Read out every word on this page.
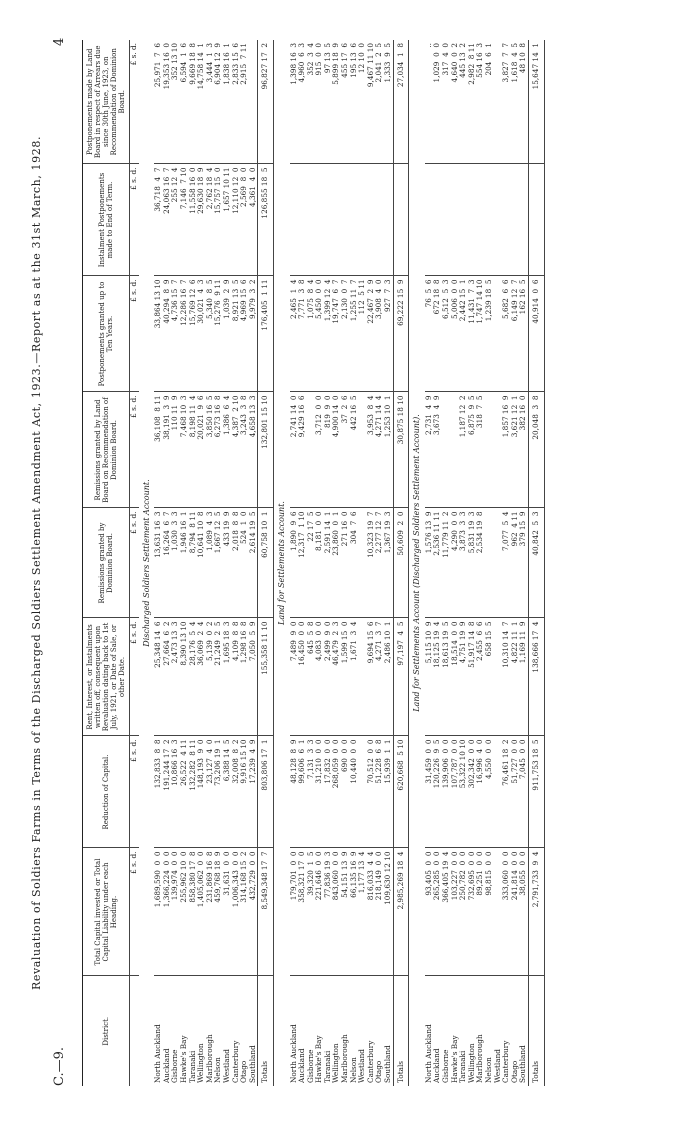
C.—9.
4
Revaluation of Soldiers Farms in Terms of the Discharged Soldiers Settlement Amendment Act, 1923.—Report as at the 31st March, 1928.
District.	Total Capital invested or Total Capital Liability under each Heading.	Reduction of Capital.	Rent, Interest, or Instalments written off, consequent upon Revaluation dating back to 1st July, 1921, or Date of Sale, or other Date.	Remissions granted by Dominion Board.	Remissions granted by Land Board on Recommendation of Dominion Board.	Postponements granted up to Ten Years.	Instalment Postponements made to End of Term.	Postponements made by Land Board in respect of Arrears due since 30th June, 1923, on Recommendation of Dominion Board.
	£ s. d.	£ s. d.	£ s. d.	£ s. d.	£ s. d.	£ s. d.	£ s. d.	£ s. d.
Discharged Soldiers Settlement Account.								
North Auckland	1,689,590  0  0	132,833  8  8	25,348 14  6	13,631 16  3	36,108  8 11	33,864 13 10	36,718  4  7	25,971  7  6
Auckland	1,366,224  0  0	191,244 17  2	27,664  6  2	16,264  6  7	38,191  3  9	40,294  8  9	24,063 16  7	19,353 16  0
Gisborne	139,974  0  0	10,866 16  3	2,473 13  3	1,030  3  3	110 11  9	4,736 15  7	255 12  4	352 13 10
Hawke's Bay	255,962 10  0	26,522  4 11	8,390 13 10	1,946 16  1	7,468 10  3	12,286 16  7	7,146  7 10	6,594  1  6
Taranaki	858,380 17  8	132,282  8 11	28,176  5  4	8,794  8 11	8,198 11  4	15,769 12  6	11,558 16  0	9,669 18  8
Wellington	1,405,062  0  0	148,193  9  0	36,069  2  4	10,641 10  8	20,021  9  6	30,021  4  3	29,630 18  9	14,758 14  1
Marlborough	231,869 16  8	23,127  4  0	5,139  0  2	1,089  4  3	3,850 16  5	5,340  8  5	2,762 18  4	3,444  1  3
Nelson	459,768 18  9	73,206 19  1	21,249  2  5	1,667 12  5	6,273 16  8	15,276  9 11	15,757 15  0	6,904 12  9
Westland	31,631  0  0	6,388 14  5	1,695 18  3	433 19  9	1,386  6  4	1,039  2  9	1,657 10 11	1,838 16  1
Canterbury	1,006,343  0  0	32,008  8  2	4,109  8  8	2,018  8  8	4,387  2 10	8,921 13  5	12,110 12  0	2,833 15  6
Otago	314,168 15  2	9,916 15 10	1,298 16  8	524  1  0	3,243  3  8	4,969 15  6	2,569  8  0	2,915  7 11
Southland	432,729  0  0	17,239  4  9	7,050  5  9	2,614 19  5	4,658 13  3	9,979  3  2	4,361  4  0	
Totals	8,549,348 17  7	803,806 17  1	155,358 11 10	60,758 10  1	132,801 15 10	176,405  1 11	126,855 18  5	96,827 17  2
Land for Settlements Account.								
North Auckland	179,701  0  0	48,128  8  9	7,489  9  0	1,890  9  6	2,741 14  0	2,465  1  4		1,398 16  3
Auckland	358,321 17  0	99,606  6  1	16,450  0  0	12,317  1 10	9,429 16  6	7,771  3  8		4,960  6  3
Gisborne	39,320  1  5	7,131  3  3	645  5  8	22 17  5		1,075  8  4		352  3  4
Hawke's Bay	221,646  0  0	31,210  0  0	4,083  0  0	8,181  0  0	3,712  0  0	5,450  0  0		915  0  0
Taranaki	77,836 19  3	17,832  0  0	2,499  9  0	2,591 14  1	819  9  0	1,399 12  4		97 13  5
Wellington	843,060  0  0	268,059  0  0	46,479  2  3	23,860  0  1	4,900 14  0	19,747  6  7		5,899 18  9
Marlborough	54,151 13  9	690  0  0	1,599 15  0	271 16  0	37  2  6	2,130  0  7		455 17  6
Nelson	66,135 16  9	10,440  0  0	1,671  3  4	304  7  6	442 16  5	1,255 11  7		195 13  6
Westland	1,177 13  4					112  5 11		12 10  0
Canterbury	816,033  4  4	70,512  0  0	9,694 15  6	10,323 19  7	3,953  8  4	22,467  2  9		9,467 11 10
Otago	218,149  0  0	51,228  6  8	4,271  3  7	2,277 12  7	4,271 14  4	3,908  4  0		2,041  2  5
Southland	109,630 12 10	15,939  1  1	2,486 10  1	1,367 19  3	1,253 10  1	927  7  3		1,333  9  5
Totals	2,985,269 18  4	620,668  5 10	97,197  4  5	50,609  2  0	30,875 18 10	69,222 15  9		27,034  1  8
Land for Settlements Account (Discharged Soldiers Settlement Account).								
North Auckland	93,405  0  0	31,459  0  0	5,115 10  9	1,576 13  9	2,731  4  9	76  5  6		..
Auckland	265,285  0  0	120,226  9  5	18,125 19  4	2,536 11 11	3,673  4  9	672 18  8		1,029  0  0
Gisborne	366,405 19  4	139,906  0  0	18,613 19  5	11,779 11  2		6,512  5  3		317  4  0
Hawke's Bay	103,227  0  0	107,787  0  0	18,514  0  0	4,290  0  0		5,006  0  0		4,640  0  2
Taranaki	250,782  0  0	53,322 10 10	4,751 19  9	3,873  3  3	1,187 12  2	2,442 15  1		445 13  2
Wellington	732,695  0  0	302,342  0  0	51,917 14  8	5,831 19  3	6,875  9  5	11,431  7  3		2,982  8 11
Marlborough	89,251  0  0	16,996  4  0	2,455  6  6	2,534 19  8	318  7  5	1,747 14 10		554 16  3
Nelson	98,815  0  0	4,550  0  0	658 15  5			1,239 18  5		204  6  1
Westland								
Canterbury	333,060  0  0	76,461 18  2	10,310 14  7	7,077  5  4	1,857 16  9	5,682  6  6		3,827  7  7
Otago	241,814  0  0	51,727  0  0	4,822 11  1	962  4 11	3,621 12  1	6,149 12  7		1,618  4  5
Southland	38,055  0  0	7,045  0  0	1,169 11  9	379 15  9	382 16  0	162 16  5		48 10  8
Totals	2,791,733  9  4	911,753 18  5	138,666 17  4	40,842  5  3	20,048  3  8	40,914  0  6		15,647 14  1
